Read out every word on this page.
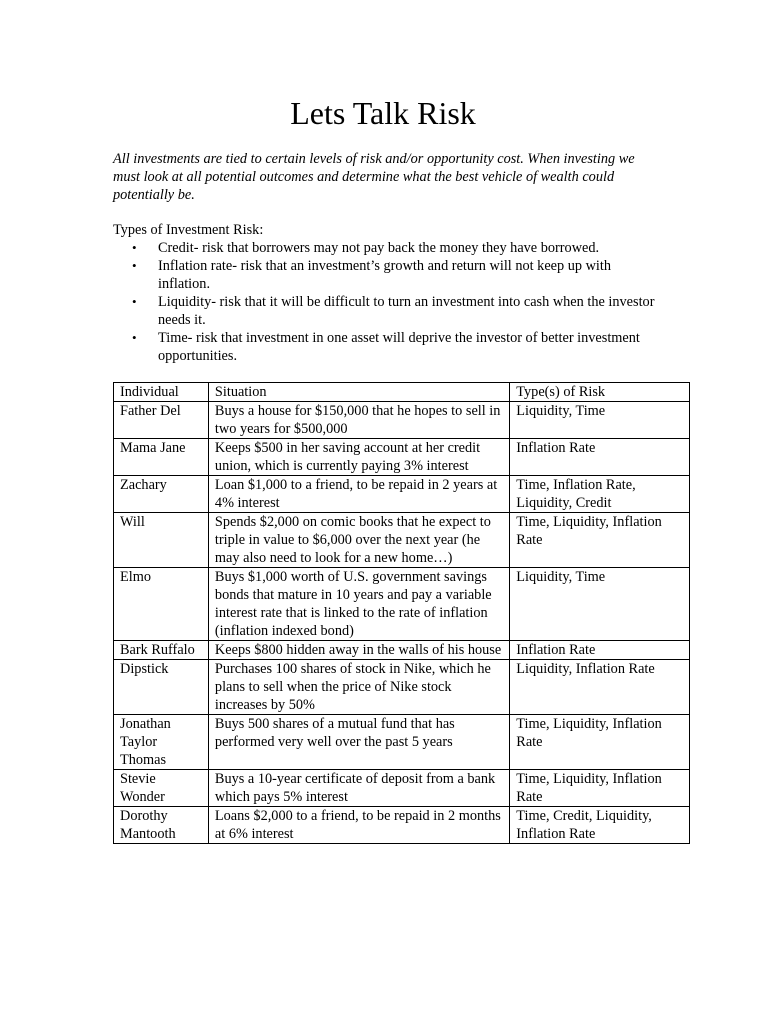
Lets Talk Risk
All investments are tied to certain levels of risk and/or opportunity cost. When investing we must look at all potential outcomes and determine what the best vehicle of wealth could potentially be.
Types of Investment Risk:
• Credit- risk that borrowers may not pay back the money they have borrowed.
• Inflation rate- risk that an investment’s growth and return will not keep up with inflation.
• Liquidity- risk that it will be difficult to turn an investment into cash when the investor needs it.
• Time- risk that investment in one asset will deprive the investor of better investment opportunities.
Individual	Situation	Type(s) of Risk
Father Del	Buys a house for $150,000 that he hopes to sell in two years for $500,000	Liquidity, Time
Mama Jane	Keeps $500 in her saving account at her credit union, which is currently paying 3% interest	Inflation Rate
Zachary	Loan $1,000 to a friend, to be repaid in 2 years at 4% interest	Time, Inflation Rate, Liquidity, Credit
Will	Spends $2,000 on comic books that he expect to triple in value to $6,000 over the next year (he may also need to look for a new home…)	Time, Liquidity, Inflation Rate
Elmo	Buys $1,000 worth of U.S. government savings bonds that mature in 10 years and pay a variable interest rate that is linked to the rate of inflation (inflation indexed bond)	Liquidity, Time
Bark Ruffalo	Keeps $800 hidden away in the walls of his house	Inflation Rate
Dipstick	Purchases 100 shares of stock in Nike, which he plans to sell when the price of Nike stock increases by 50%	Liquidity, Inflation Rate
Jonathan Taylor Thomas	Buys 500 shares of a mutual fund that has performed very well over the past 5 years	Time, Liquidity, Inflation Rate
Stevie Wonder	Buys a 10-year certificate of deposit from a bank which pays 5% interest	Time, Liquidity, Inflation Rate
Dorothy Mantooth	Loans $2,000 to a friend, to be repaid in 2 months at 6% interest	Time, Credit, Liquidity, Inflation Rate
